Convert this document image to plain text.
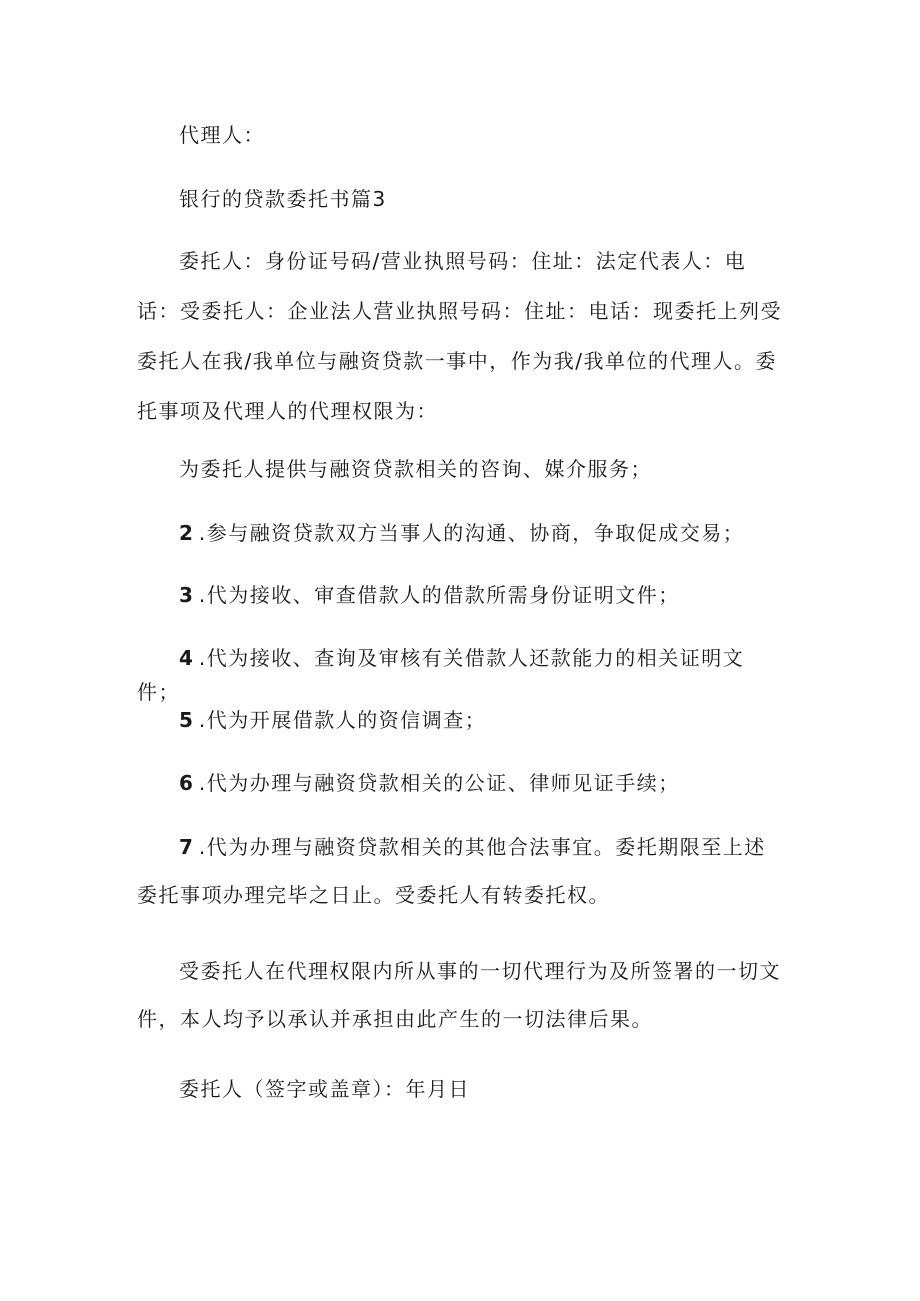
代理人：

银行的贷款委托书篇3

委托人：身份证号码/营业执照号码：住址：法定代表人：电话：受委托人：企业法人营业执照号码：住址：电话：现委托上列受委托人在我/我单位与融资贷款一事中，作为我/我单位的代理人。委托事项及代理人的代理权限为：

为委托人提供与融资贷款相关的咨询、媒介服务；

2 .参与融资贷款双方当事人的沟通、协商，争取促成交易；

3 .代为接收、审查借款人的借款所需身份证明文件；

4 .代为接收、查询及审核有关借款人还款能力的相关证明文件；

5 .代为开展借款人的资信调查；

6 .代为办理与融资贷款相关的公证、律师见证手续；

7 .代为办理与融资贷款相关的其他合法事宜。委托期限至上述委托事项办理完毕之日止。受委托人有转委托权。

受委托人在代理权限内所从事的一切代理行为及所签署的一切文件，本人均予以承认并承担由此产生的一切法律后果。

委托人（签字或盖章）：年月日
